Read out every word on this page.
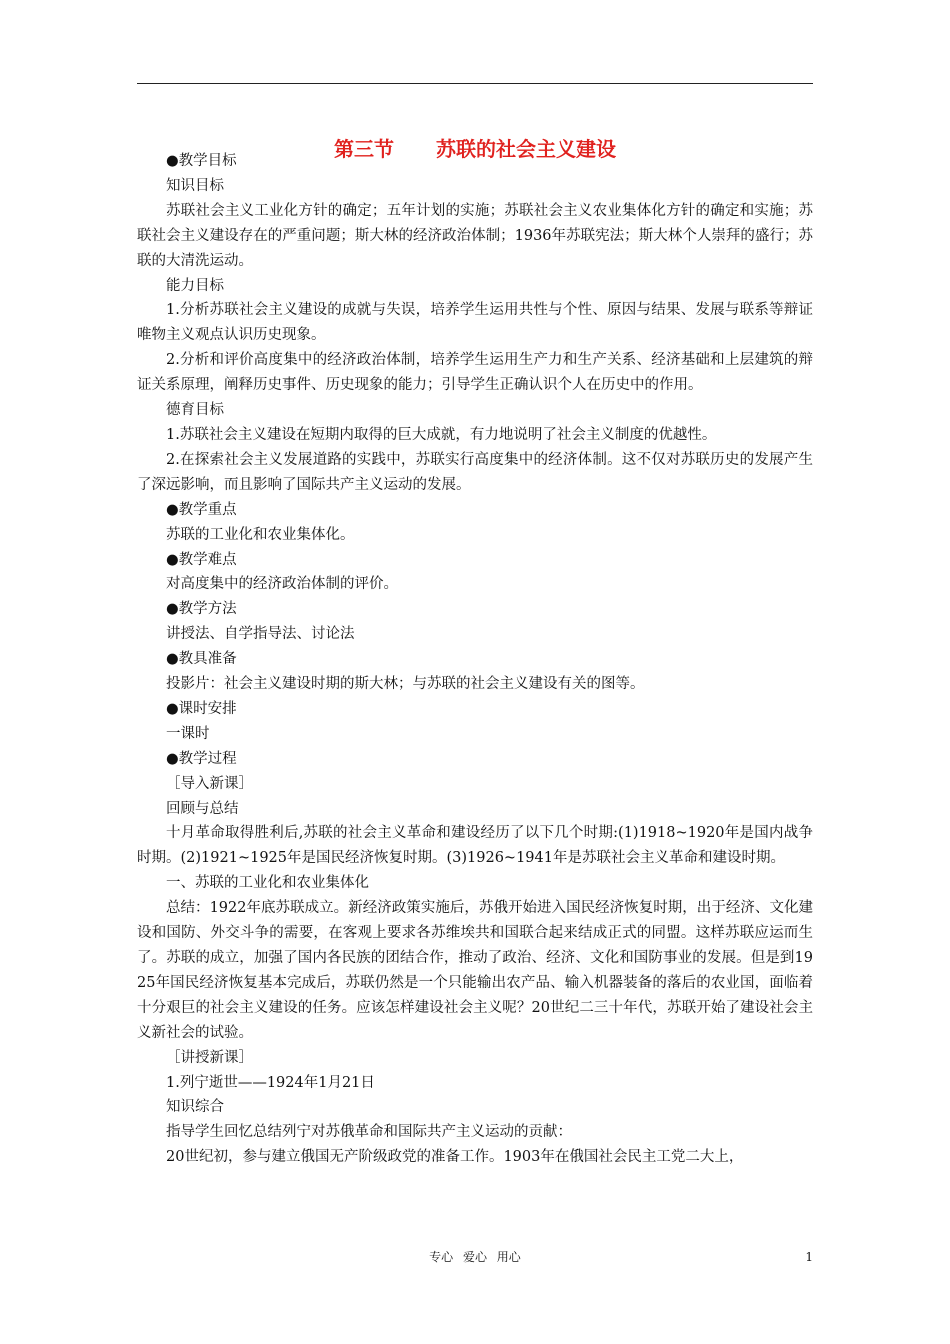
第三节 苏联的社会主义建设

●教学目标

知识目标

苏联社会主义工业化方针的确定；五年计划的实施；苏联社会主义农业集体化方针的确定和实施；苏联社会主义建设存在的严重问题；斯大林的经济政治体制；1936年苏联宪法；斯大林个人崇拜的盛行；苏联的大清洗运动。

能力目标

1.分析苏联社会主义建设的成就与失误，培养学生运用共性与个性、原因与结果、发展与联系等辩证唯物主义观点认识历史现象。

2.分析和评价高度集中的经济政治体制，培养学生运用生产力和生产关系、经济基础和上层建筑的辩证关系原理，阐释历史事件、历史现象的能力；引导学生正确认识个人在历史中的作用。

德育目标

1.苏联社会主义建设在短期内取得的巨大成就，有力地说明了社会主义制度的优越性。

2.在探索社会主义发展道路的实践中，苏联实行高度集中的经济体制。这不仅对苏联历史的发展产生了深远影响，而且影响了国际共产主义运动的发展。

●教学重点

苏联的工业化和农业集体化。

●教学难点

对高度集中的经济政治体制的评价。

●教学方法

讲授法、自学指导法、讨论法

●教具准备

投影片：社会主义建设时期的斯大林；与苏联的社会主义建设有关的图等。

●课时安排

一课时

●教学过程

［导入新课］

回顾与总结

十月革命取得胜利后,苏联的社会主义革命和建设经历了以下几个时期:(1)1918~1920年是国内战争时期。(2)1921~1925年是国民经济恢复时期。(3)1926~1941年是苏联社会主义革命和建设时期。

一、苏联的工业化和农业集体化

总结：1922年底苏联成立。新经济政策实施后，苏俄开始进入国民经济恢复时期，出于经济、文化建设和国防、外交斗争的需要，在客观上要求各苏维埃共和国联合起来结成正式的同盟。这样苏联应运而生了。苏联的成立，加强了国内各民族的团结合作，推动了政治、经济、文化和国防事业的发展。但是到1925年国民经济恢复基本完成后，苏联仍然是一个只能输出农产品、输入机器装备的落后的农业国，面临着十分艰巨的社会主义建设的任务。应该怎样建设社会主义呢？20世纪二三十年代，苏联开始了建设社会主义新社会的试验。

［讲授新课］

1.列宁逝世——1924年1月21日

知识综合

指导学生回忆总结列宁对苏俄革命和国际共产主义运动的贡献：

20世纪初，参与建立俄国无产阶级政党的准备工作。1903年在俄国社会民主工党二大上，

专心 爱心 用心	1
